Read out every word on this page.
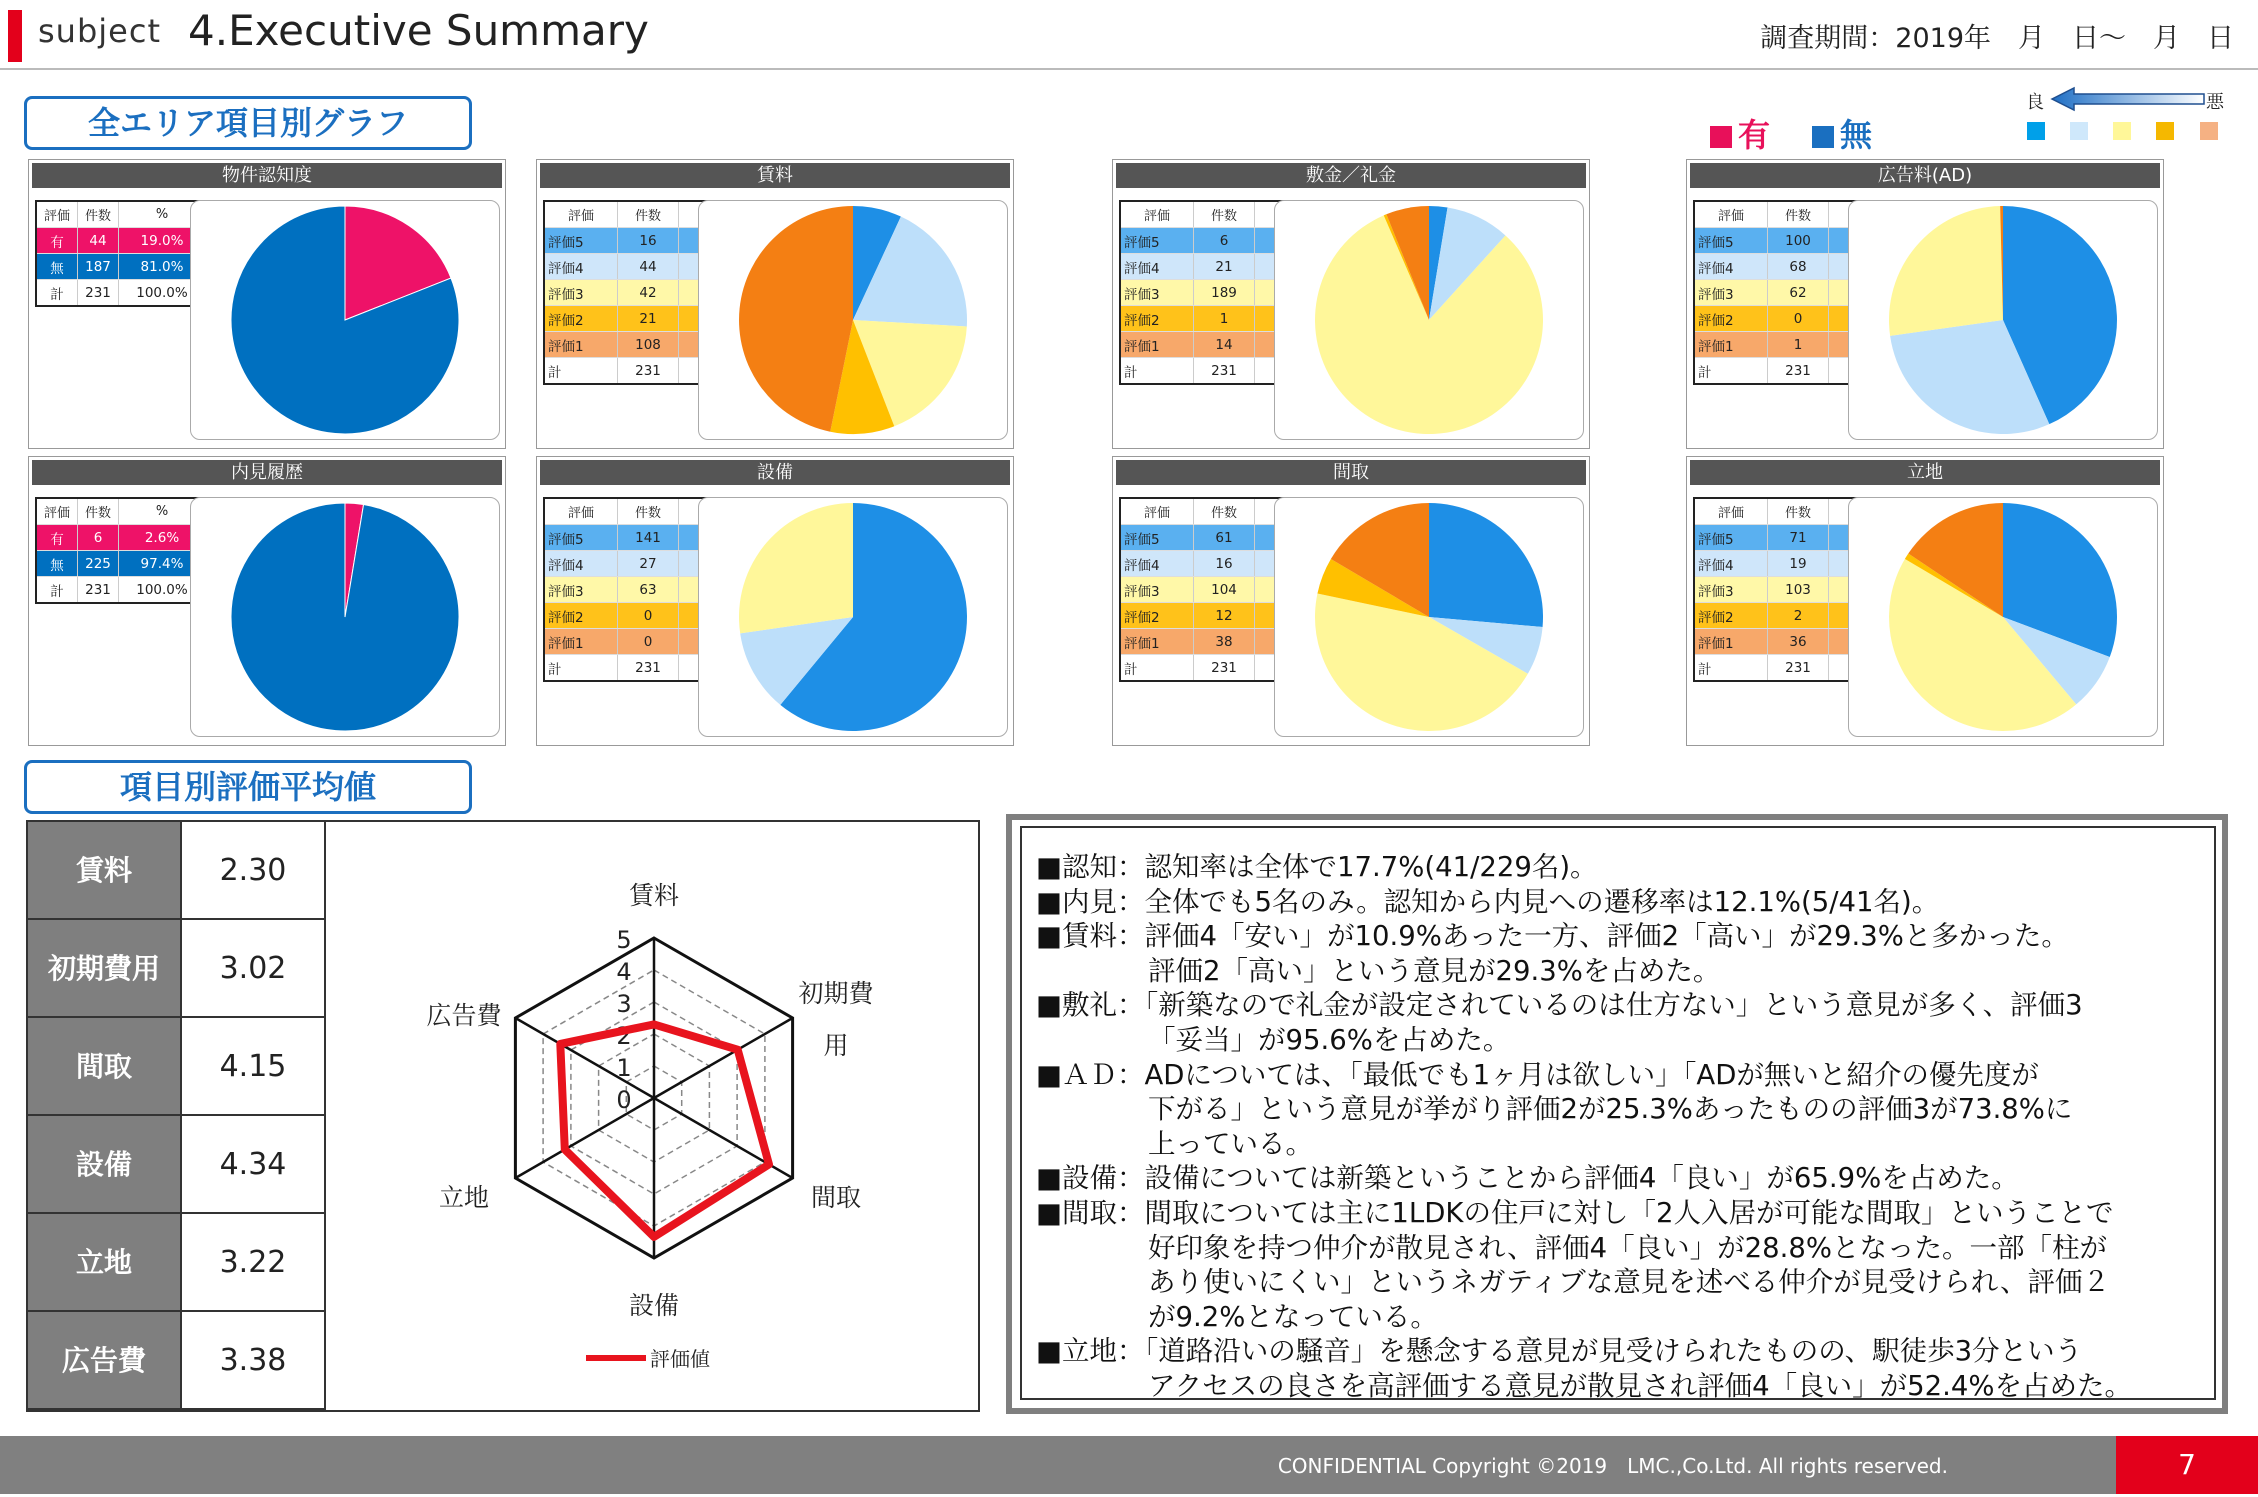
subject 4.Executive Summary	調査期間：2019年　月　日～　月　日
全エリア項目別グラフ	有	無
良	悪
物件認知度
評価	件数	%
有	44	19.0%
無	187	81.0%
計	231	100.0%
賃料
評価	件数	
評価5	16	
評価4	44	
評価3	42	
評価2	21	
評価1	108	
計	231	
敷金／礼金
評価	件数	
評価5	6	
評価4	21	
評価3	189	
評価2	1	
評価1	14	
計	231	
広告料(AD)
評価	件数	
評価5	100	
評価4	68	
評価3	62	
評価2	0	
評価1	1	
計	231	
内見履歴
評価	件数	%
有	6	2.6%
無	225	97.4%
計	231	100.0%
設備
評価	件数	
評価5	141	
評価4	27	
評価3	63	
評価2	0	
評価1	0	
計	231	
間取
評価	件数	
評価5	61	
評価4	16	
評価3	104	
評価2	12	
評価1	38	
計	231	
立地
評価	件数	
評価5	71	
評価4	19	
評価3	103	
評価2	2	
評価1	36	
計	231	
項目別評価平均値
賃料	2.30
初期費用	3.02
間取	4.15
設備	4.34
立地	3.22
広告費	3.38
0
1
2
3
4
5
賃料
初期費
用
間取
設備
立地
広告費
評価値
■認知：認知率は全体で17.7%(41/229名)。
■内見：全体でも5名のみ。認知から内見への遷移率は12.1%(5/41名)。
■賃料：評価4「安い」が10.9%あった一方、評価2「高い」が29.3%と多かった。
評価2「高い」という意見が29.3%を占めた。
■敷礼：「新築なので礼金が設定されているのは仕方ない」という意見が多く、評価3
「妥当」が95.6%を占めた。
■ＡＤ：ADについては、「最低でも1ヶ月は欲しい」「ADが無いと紹介の優先度が
下がる」という意見が挙がり評価2が25.3%あったものの評価3が73.8%に
上っている。
■設備：設備については新築ということから評価4「良い」が65.9%を占めた。
■間取：間取については主に1LDKの住戸に対し「2人入居が可能な間取」ということで
好印象を持つ仲介が散見され、評価4「良い」が28.8%となった。一部「柱が
あり使いにくい」というネガティブな意見を述べる仲介が見受けられ、評価２
が9.2%となっている。
■立地：「道路沿いの騒音」を懸念する意見が見受けられたものの、駅徒歩3分という
アクセスの良さを高評価する意見が散見され評価4「良い」が52.4%を占めた。
CONFIDENTIAL Copyright ©2019　LMC.,Co.Ltd. All rights reserved.	7
